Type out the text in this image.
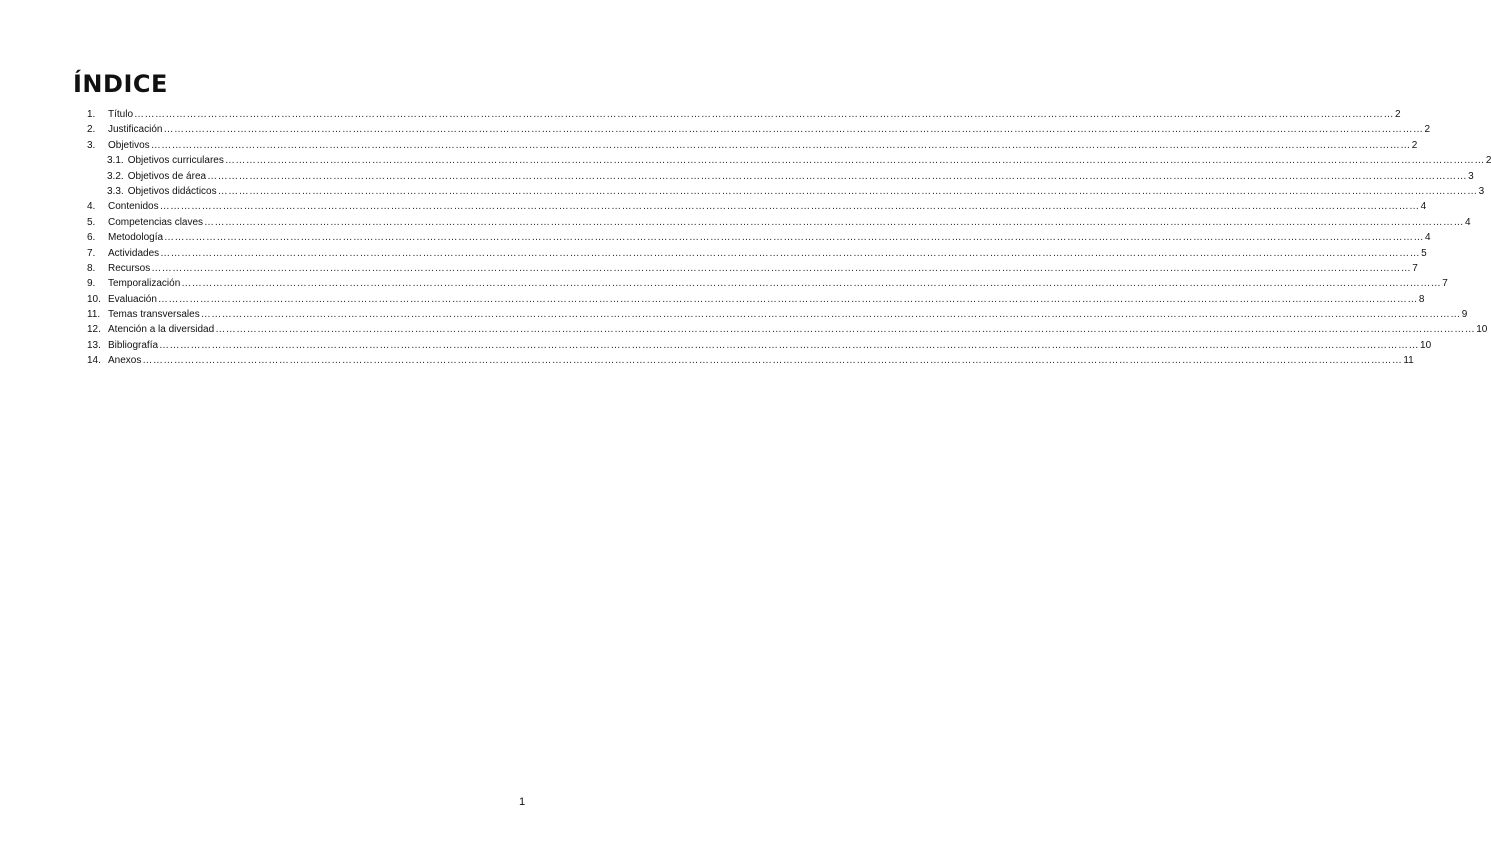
ÍNDICE
1.	Título ……………………………………………………………………………………………………………………………………………………………………………………………………………………………………………………………………………………………………………………………… 2
2.	Justificación ……………………………………………………………………………………………………………………………………………………………………………………………………………………………………………………………………………………………………………………………… 2
3.	Objetivos ……………………………………………………………………………………………………………………………………………………………………………………………………………………………………………………………………………………………………………………………… 2
3.1. Objetivos curriculares ……………………………………………………………………………………………………………………………………………………………………………………………………………………………………………………………………………………………………………………………… 2
3.2. Objetivos de área ……………………………………………………………………………………………………………………………………………………………………………………………………………………………………………………………………………………………………………………………… 3
3.3. Objetivos didácticos ……………………………………………………………………………………………………………………………………………………………………………………………………………………………………………………………………………………………………………………………… 3
4.	Contenidos ……………………………………………………………………………………………………………………………………………………………………………………………………………………………………………………………………………………………………………………………… 4
5.	Competencias claves ……………………………………………………………………………………………………………………………………………………………………………………………………………………………………………………………………………………………………………………………… 4
6.	Metodología ……………………………………………………………………………………………………………………………………………………………………………………………………………………………………………………………………………………………………………………………… 4
7.	Actividades ……………………………………………………………………………………………………………………………………………………………………………………………………………………………………………………………………………………………………………………………… 5
8.	Recursos ……………………………………………………………………………………………………………………………………………………………………………………………………………………………………………………………………………………………………………………………… 7
9.	Temporalización ……………………………………………………………………………………………………………………………………………………………………………………………………………………………………………………………………………………………………………………………… 7
10. Evaluación ……………………………………………………………………………………………………………………………………………………………………………………………………………………………………………………………………………………………………………………………… 8
11. Temas transversales ……………………………………………………………………………………………………………………………………………………………………………………………………………………………………………………………………………………………………………………………… 9
12. Atención a la diversidad ……………………………………………………………………………………………………………………………………………………………………………………………………………………………………………………………………………………………………………………………… 10
13. Bibliografía ……………………………………………………………………………………………………………………………………………………………………………………………………………………………………………………………………………………………………………………………… 10
14. Anexos ……………………………………………………………………………………………………………………………………………………………………………………………………………………………………………………………………………………………………………………………… 11
1
